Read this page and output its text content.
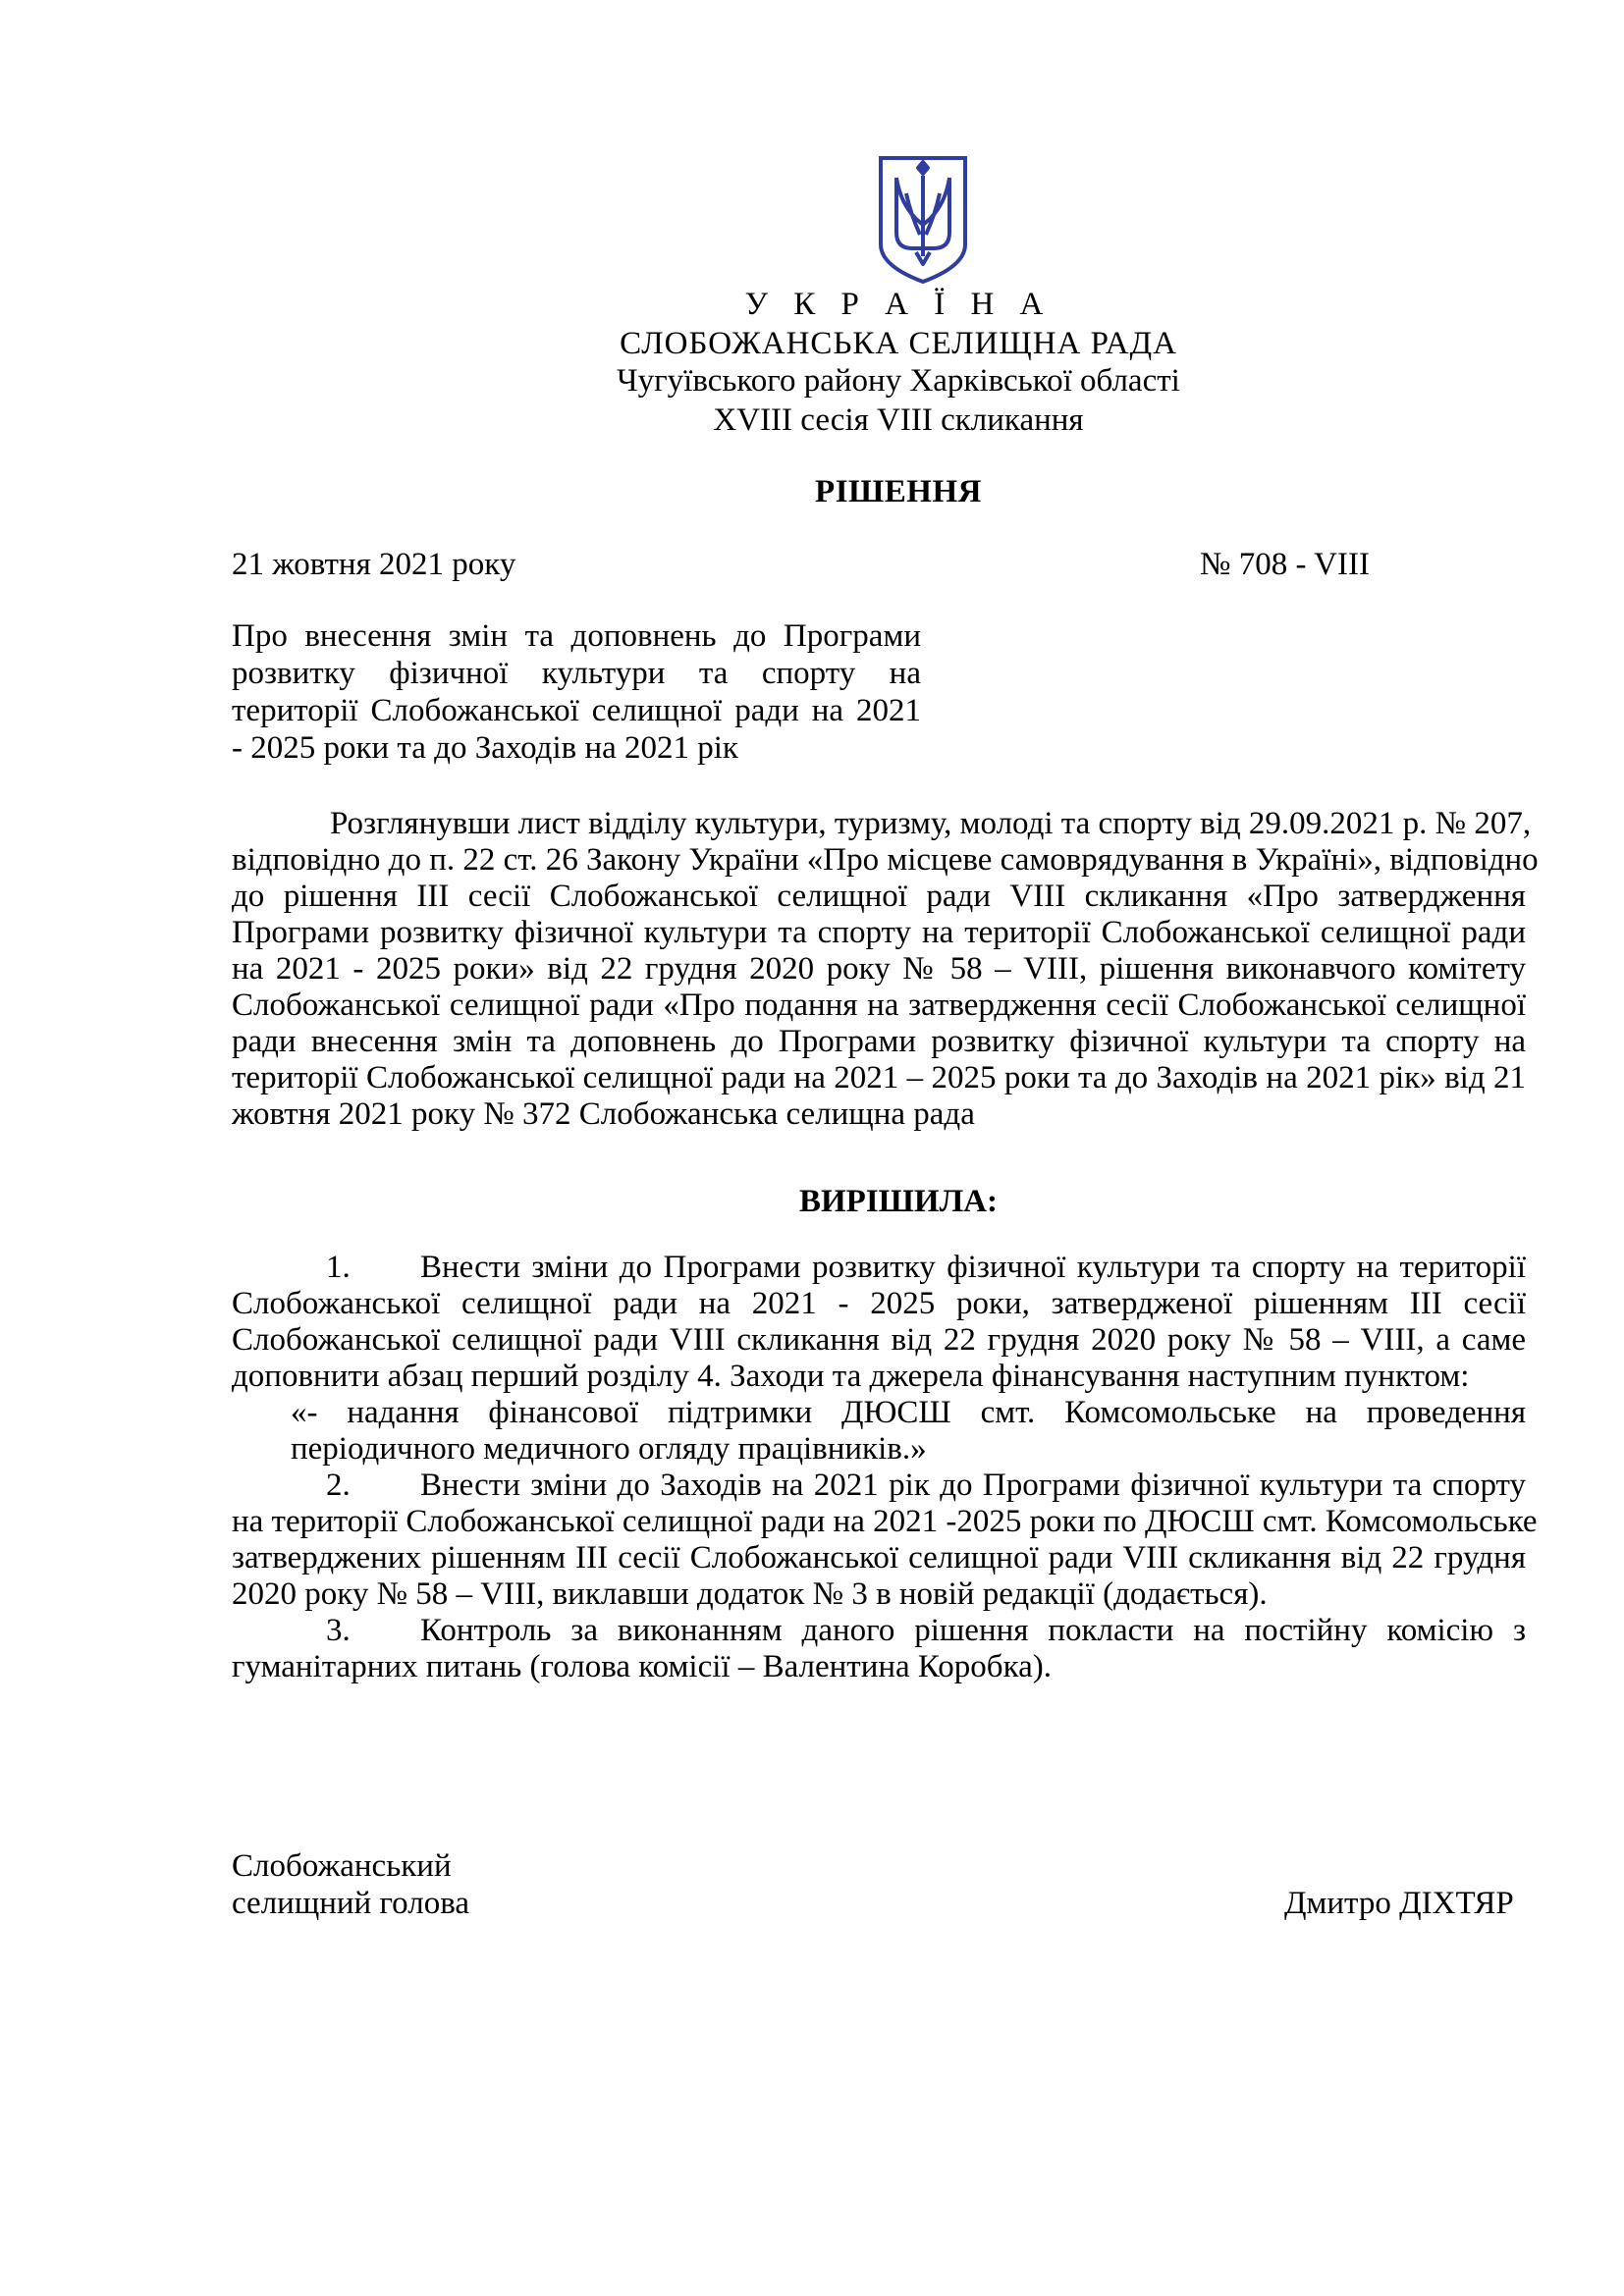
У К Р А Ї Н А
СЛОБОЖАНСЬКА СЕЛИЩНА РАДА
Чугуївського району Харківської області
XVIII сесія VIII скликання
РІШЕННЯ
21 жовтня 2021 року	№ 708 - VIII
Про внесення змін та доповнень до Програми
розвитку фізичної культури та спорту на
території Слобожанської селищної ради на 2021
- 2025 роки та до Заходів на 2021 рік
Розглянувши лист відділу культури, туризму, молоді та спорту від 29.09.2021 р. № 207,
відповідно до п. 22 ст. 26 Закону України «Про місцеве самоврядування в Україні», відповідно
до рішення ІІІ сесії Слобожанської селищної ради VIII скликання «Про затвердження
Програми розвитку фізичної культури та спорту на території Слобожанської селищної ради
на 2021 - 2025 роки» від 22 грудня 2020 року № 58 – VIII, рішення виконавчого комітету
Слобожанської селищної ради «Про подання на затвердження сесії Слобожанської селищної
ради внесення змін та доповнень до Програми розвитку фізичної культури та спорту на
території Слобожанської селищної ради на 2021 – 2025 роки та до Заходів на 2021 рік» від 21
жовтня 2021 року № 372 Слобожанська селищна рада
ВИРІШИЛА:
1. Внести зміни до Програми розвитку фізичної культури та спорту на території
Слобожанської селищної ради на 2021 - 2025 роки, затвердженої рішенням ІІІ сесії
Слобожанської селищної ради VIII скликання від 22 грудня 2020 року № 58 – VIII, а саме
доповнити абзац перший розділу 4. Заходи та джерела фінансування наступним пунктом:
«- надання фінансової підтримки ДЮСШ смт. Комсомольське на проведення
періодичного медичного огляду працівників.»
2. Внести зміни до Заходів на 2021 рік до Програми фізичної культури та спорту
на території Слобожанської селищної ради на 2021 -2025 роки по ДЮСШ смт. Комсомольське
затверджених рішенням ІІІ сесії Слобожанської селищної ради VIII скликання від 22 грудня
2020 року № 58 – VIII, виклавши додаток № 3 в новій редакції (додається).
3. Контроль за виконанням даного рішення покласти на постійну комісію з
гуманітарних питань (голова комісії – Валентина Коробка).
Слобожанський
селищний голова	Дмитро ДІХТЯР
